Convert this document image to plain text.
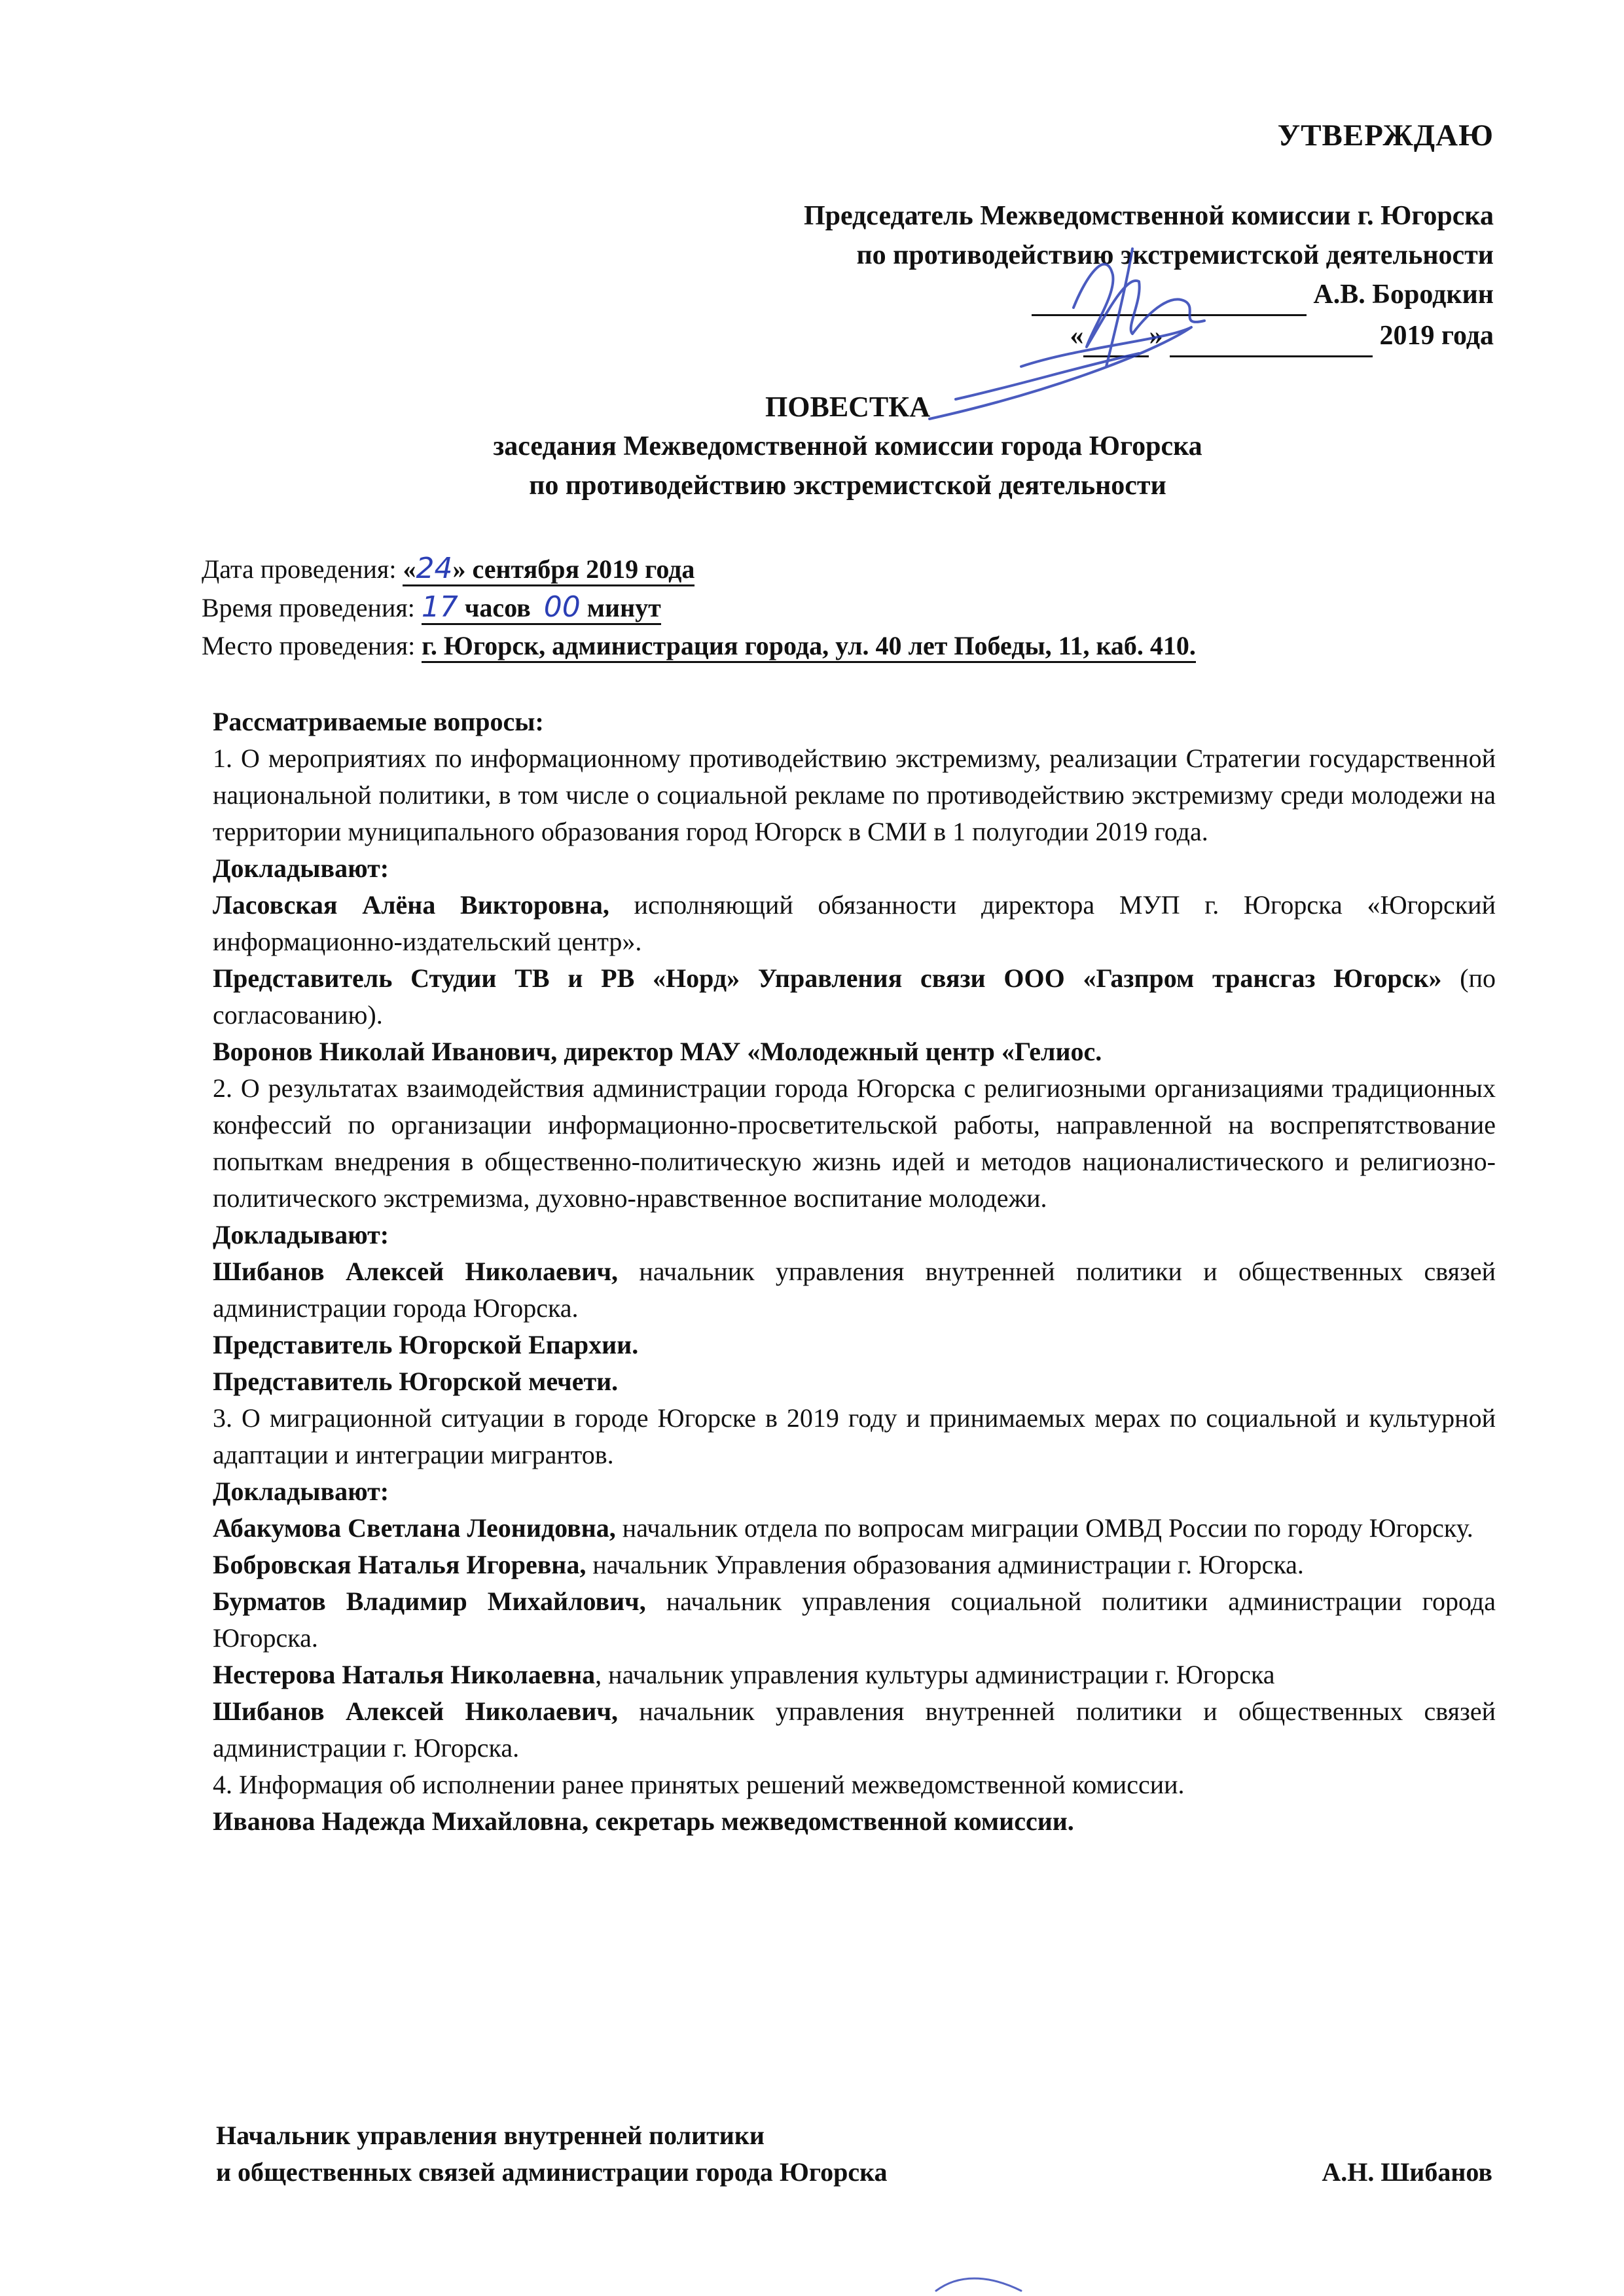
УТВЕРЖДАЮ
Председатель Межведомственной комиссии г. Югорска
по противодействию экстремистской деятельности
А.В. Бородкин
« »	2019 года
ПОВЕСТКА
заседания Межведомственной комиссии города Югорска
по противодействию экстремистской деятельности
Дата проведения: «24» сентября 2019 года
Время проведения: 17 часов  00 минут
Место проведения: г. Югорск, администрация города, ул. 40 лет Победы, 11, каб. 410.

Рассматриваемые вопросы:

1. О мероприятиях по информационному противодействию экстремизму, реализации Стратегии государственной национальной политики, в том числе о социальной рекламе по противодействию экстремизму среди молодежи на территории муниципального образования город Югорск в СМИ в 1 полугодии 2019 года.

Докладывают:

Ласовская Алёна Викторовна, исполняющий обязанности директора МУП г. Югорска «Югорский информационно-издательский центр».

Представитель Студии ТВ и РВ «Норд» Управления связи ООО «Газпром трансгаз Югорск» (по согласованию).

Воронов Николай Иванович, директор МАУ «Молодежный центр «Гелиос.

2. О результатах взаимодействия администрации города Югорска с религиозными организациями традиционных конфессий по организации информационно-просветительской работы, направленной на воспрепятствование попыткам внедрения в общественно-политическую жизнь идей и методов националистического и религиозно-политического экстремизма, духовно-нравственное воспитание молодежи.

Докладывают:

Шибанов Алексей Николаевич, начальник управления внутренней политики и общественных связей администрации города Югорска.

Представитель Югорской Епархии.

Представитель Югорской мечети.

3. О миграционной ситуации в городе Югорске в 2019 году и принимаемых мерах по социальной и культурной адаптации и интеграции мигрантов.

Докладывают:

Абакумова Светлана Леонидовна, начальник отдела по вопросам миграции ОМВД России по городу Югорску.

Бобровская Наталья Игоревна, начальник Управления образования администрации г. Югорска.

Бурматов Владимир Михайлович, начальник управления социальной политики администрации города Югорска.

Нестерова Наталья Николаевна, начальник управления культуры администрации г. Югорска

Шибанов Алексей Николаевич, начальник управления внутренней политики и общественных связей администрации г. Югорска.

4. Информация об исполнении ранее принятых решений межведомственной комиссии.

Иванова Надежда Михайловна, секретарь межведомственной комиссии.

Начальник управления внутренней политики
и общественных связей администрации города Югорска	А.Н. Шибанов
